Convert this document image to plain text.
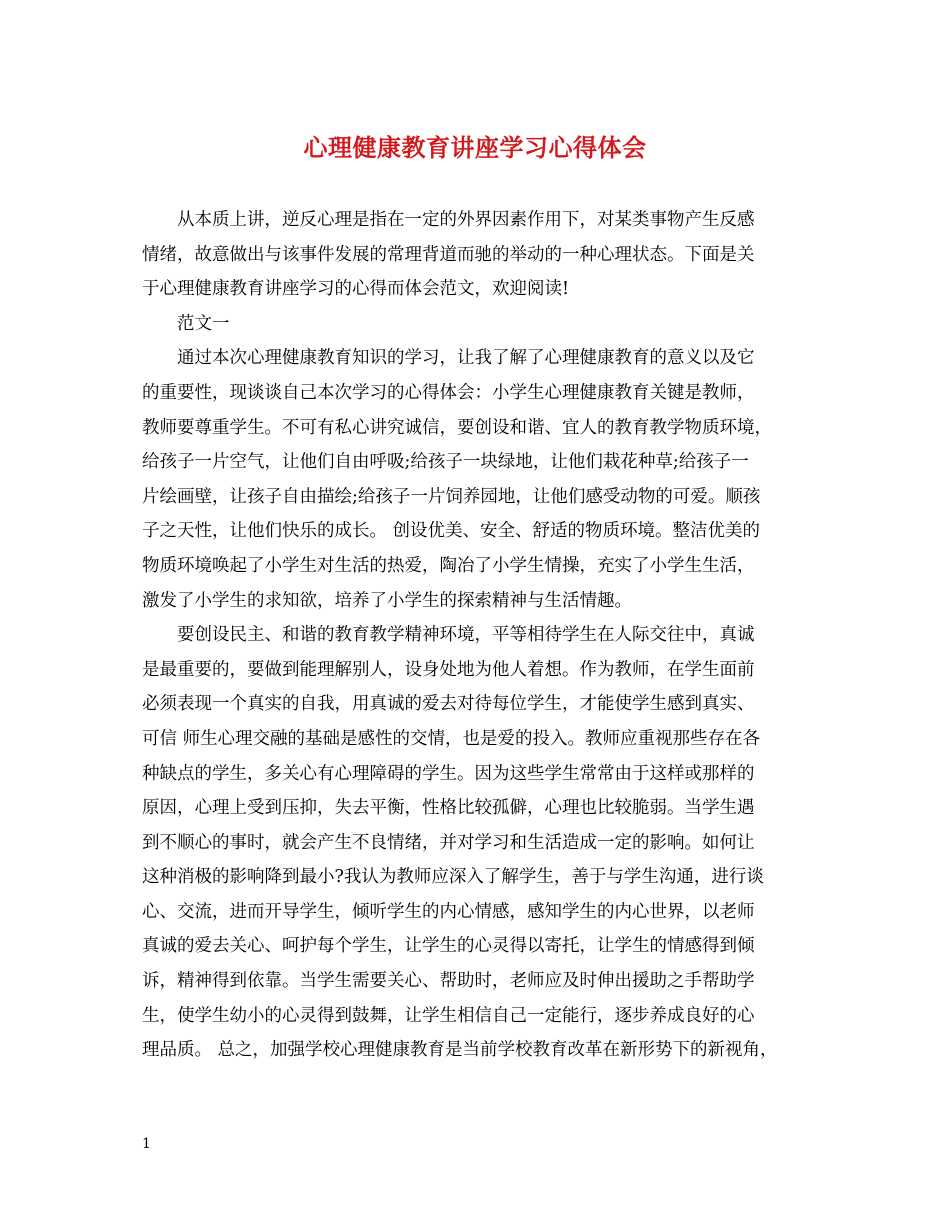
心理健康教育讲座学习心得体会
从本质上讲，逆反心理是指在一定的外界因素作用下，对某类事物产生反感
情绪，故意做出与该事件发展的常理背道而驰的举动的一种心理状态。下面是关
于心理健康教育讲座学习的心得而体会范文，欢迎阅读!
范文一
通过本次心理健康教育知识的学习，让我了解了心理健康教育的意义以及它
的重要性，现谈谈自己本次学习的心得体会：小学生心理健康教育关键是教师，
教师要尊重学生。不可有私心讲究诚信，要创设和谐、宜人的教育教学物质环境，
给孩子一片空气，让他们自由呼吸;给孩子一块绿地，让他们栽花种草;给孩子一
片绘画壁，让孩子自由描绘;给孩子一片饲养园地，让他们感受动物的可爱。顺孩
子之天性，让他们快乐的成长。 创设优美、安全、舒适的物质环境。整洁优美的
物质环境唤起了小学生对生活的热爱，陶冶了小学生情操，充实了小学生生活，
激发了小学生的求知欲，培养了小学生的探索精神与生活情趣。
要创设民主、和谐的教育教学精神环境，平等相待学生在人际交往中，真诚
是最重要的，要做到能理解别人，设身处地为他人着想。作为教师，在学生面前
必须表现一个真实的自我，用真诚的爱去对待每位学生，才能使学生感到真实、
可信 师生心理交融的基础是感性的交情，也是爱的投入。教师应重视那些存在各
种缺点的学生，多关心有心理障碍的学生。因为这些学生常常由于这样或那样的
原因，心理上受到压抑，失去平衡，性格比较孤僻，心理也比较脆弱。当学生遇
到不顺心的事时，就会产生不良情绪，并对学习和生活造成一定的影响。如何让
这种消极的影响降到最小?我认为教师应深入了解学生，善于与学生沟通，进行谈
心、交流，进而开导学生，倾听学生的内心情感，感知学生的内心世界，以老师
真诚的爱去关心、呵护每个学生，让学生的心灵得以寄托，让学生的情感得到倾
诉，精神得到依靠。当学生需要关心、帮助时，老师应及时伸出援助之手帮助学
生，使学生幼小的心灵得到鼓舞，让学生相信自己一定能行，逐步养成良好的心
理品质。 总之，加强学校心理健康教育是当前学校教育改革在新形势下的新视角，
1
